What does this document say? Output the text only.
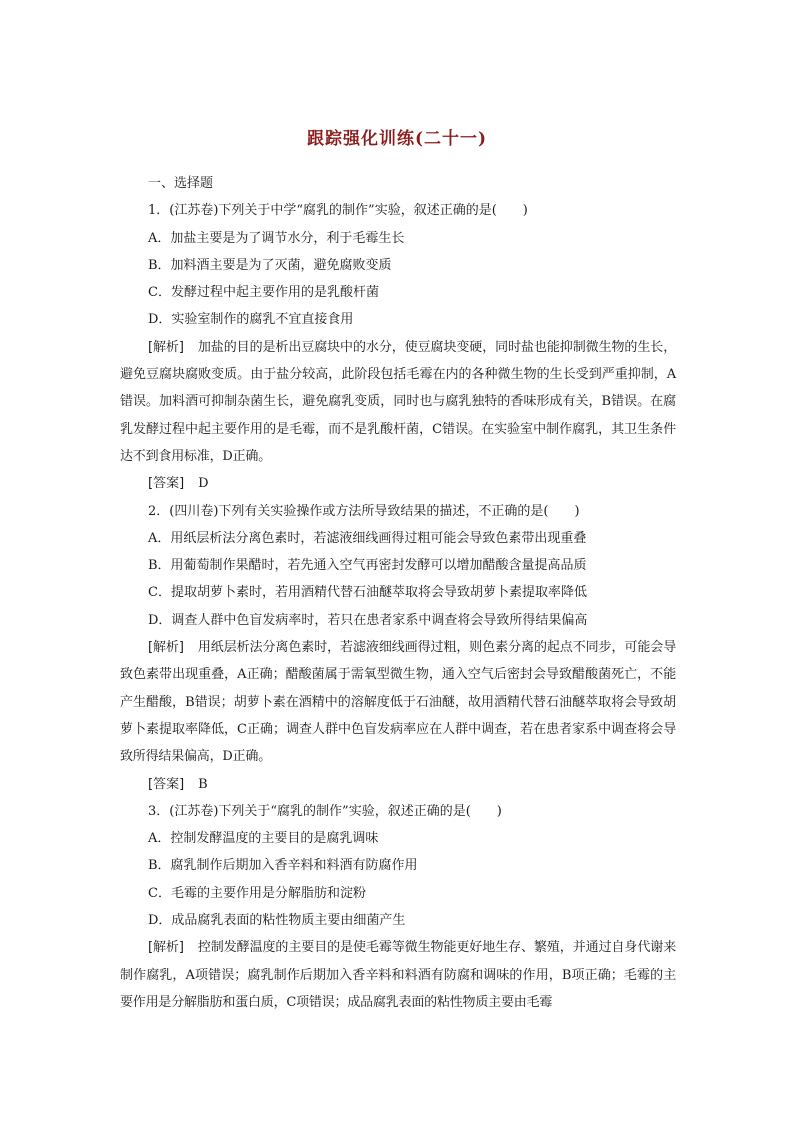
跟踪强化训练(二十一)
一、选择题
1．(江苏卷)下列关于中学“腐乳的制作”实验，叙述正确的是(　　)
A．加盐主要是为了调节水分，利于毛霉生长
B．加料酒主要是为了灭菌，避免腐败变质
C．发酵过程中起主要作用的是乳酸杆菌
D．实验室制作的腐乳不宜直接食用
[解析] 加盐的目的是析出豆腐块中的水分，使豆腐块变硬，同时盐也能抑制微生物的生长，避免豆腐块腐败变质。由于盐分较高，此阶段包括毛霉在内的各种微生物的生长受到严重抑制，A错误。加料酒可抑制杂菌生长，避免腐乳变质，同时也与腐乳独特的香味形成有关，B错误。在腐乳发酵过程中起主要作用的是毛霉，而不是乳酸杆菌，C错误。在实验室中制作腐乳，其卫生条件达不到食用标准，D正确。
[答案] D
2．(四川卷)下列有关实验操作或方法所导致结果的描述，不正确的是(　　)
A．用纸层析法分离色素时，若滤液细线画得过粗可能会导致色素带出现重叠
B．用葡萄制作果醋时，若先通入空气再密封发酵可以增加醋酸含量提高品质
C．提取胡萝卜素时，若用酒精代替石油醚萃取将会导致胡萝卜素提取率降低
D．调查人群中色盲发病率时，若只在患者家系中调查将会导致所得结果偏高
[解析] 用纸层析法分离色素时，若滤液细线画得过粗，则色素分离的起点不同步，可能会导致色素带出现重叠，A正确；醋酸菌属于需氧型微生物，通入空气后密封会导致醋酸菌死亡，不能产生醋酸，B错误；胡萝卜素在酒精中的溶解度低于石油醚，故用酒精代替石油醚萃取将会导致胡萝卜素提取率降低，C正确；调查人群中色盲发病率应在人群中调查，若在患者家系中调查将会导致所得结果偏高，D正确。
[答案] B
3．(江苏卷)下列关于“腐乳的制作”实验，叙述正确的是(　　)
A．控制发酵温度的主要目的是腐乳调味
B．腐乳制作后期加入香辛料和料酒有防腐作用
C．毛霉的主要作用是分解脂肪和淀粉
D．成品腐乳表面的粘性物质主要由细菌产生
[解析] 控制发酵温度的主要目的是使毛霉等微生物能更好地生存、繁殖，并通过自身代谢来制作腐乳，A项错误；腐乳制作后期加入香辛料和料酒有防腐和调味的作用，B项正确；毛霉的主要作用是分解脂肪和蛋白质，C项错误；成品腐乳表面的粘性物质主要由毛霉
